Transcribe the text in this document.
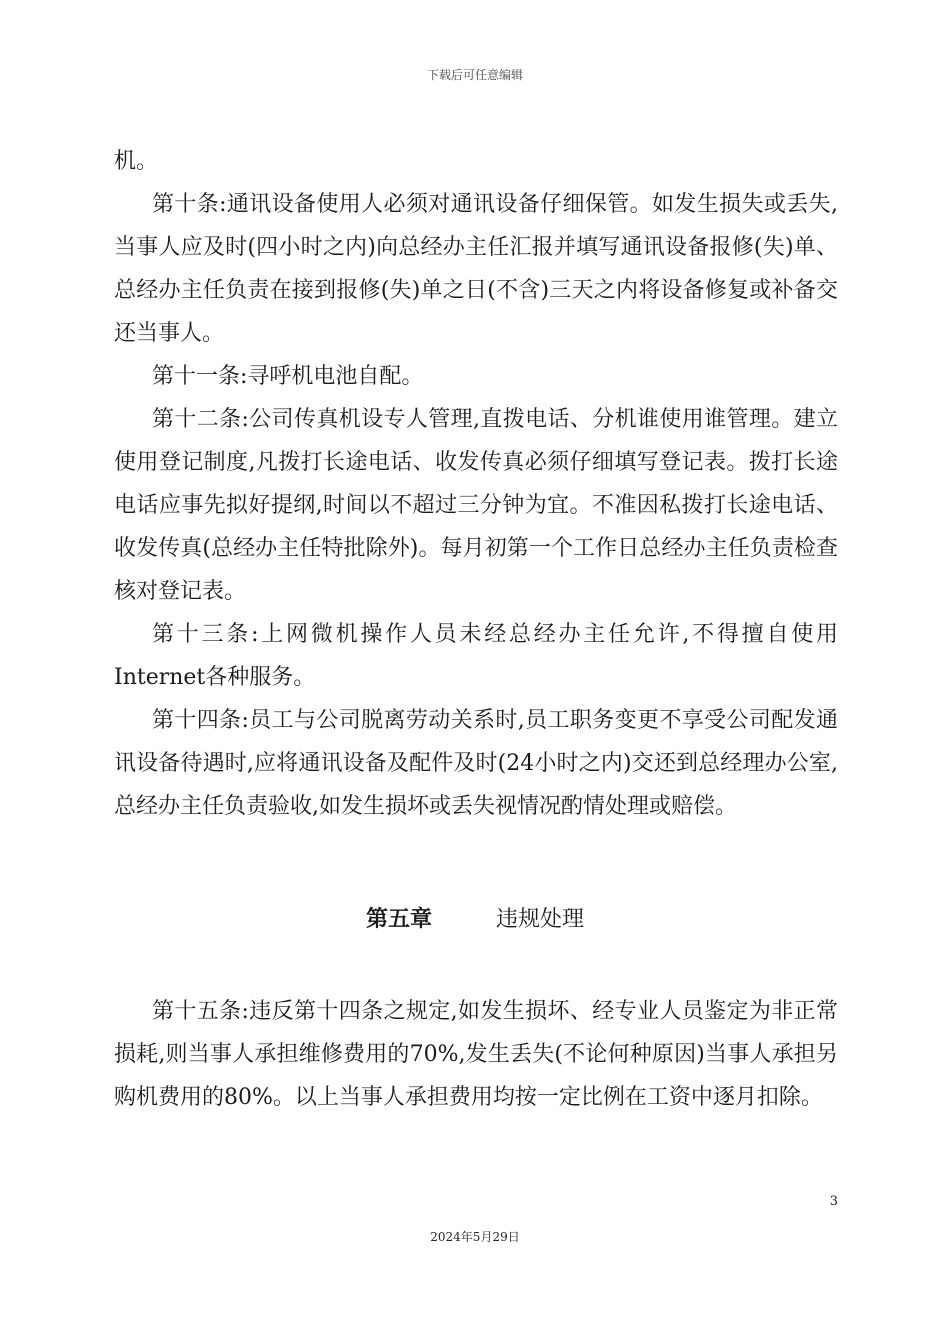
下载后可任意编辑

机。

第十条:通讯设备使用人必须对通讯设备仔细保管。如发生损失或丢失,当事人应及时(四小时之内)向总经办主任汇报并填写通讯设备报修(失)单、总经办主任负责在接到报修(失)单之日(不含)三天之内将设备修复或补备交还当事人。

第十一条:寻呼机电池自配。

第十二条:公司传真机设专人管理,直拨电话、分机谁使用谁管理。建立使用登记制度,凡拨打长途电话、收发传真必须仔细填写登记表。拨打长途电话应事先拟好提纲,时间以不超过三分钟为宜。不准因私拨打长途电话、收发传真(总经办主任特批除外)。每月初第一个工作日总经办主任负责检查核对登记表。

第十三条:上网微机操作人员未经总经办主任允许,不得擅自使用Internet各种服务。

第十四条:员工与公司脱离劳动关系时,员工职务变更不享受公司配发通讯设备待遇时,应将通讯设备及配件及时(24小时之内)交还到总经理办公室,总经办主任负责验收,如发生损坏或丢失视情况酌情处理或赔偿。

第五章	违规处理

第十五条:违反第十四条之规定,如发生损坏、经专业人员鉴定为非正常损耗,则当事人承担维修费用的70%,发生丢失(不论何种原因)当事人承担另购机费用的80%。以上当事人承担费用均按一定比例在工资中逐月扣除。

3
2024年5月29日
